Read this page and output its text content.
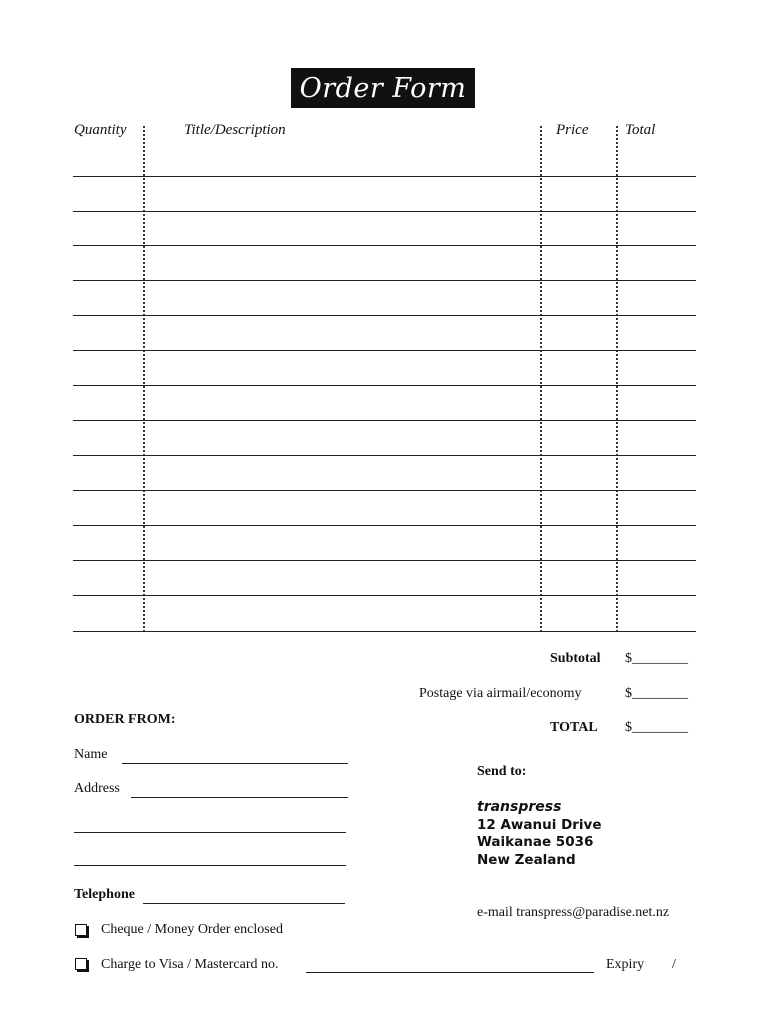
Order Form
Quantity	Title/Description	Price Total
Subtotal $________
Postage via airmail/economy	$________
TOTAL $________
ORDER FROM:
Name
Address
Telephone
Cheque / Money Order enclosed
Charge to Visa / Mastercard no.	Expiry /
Send to:
transpress
12 Awanui Drive
Waikanae 5036
New Zealand
e-mail transpress@paradise.net.nz
